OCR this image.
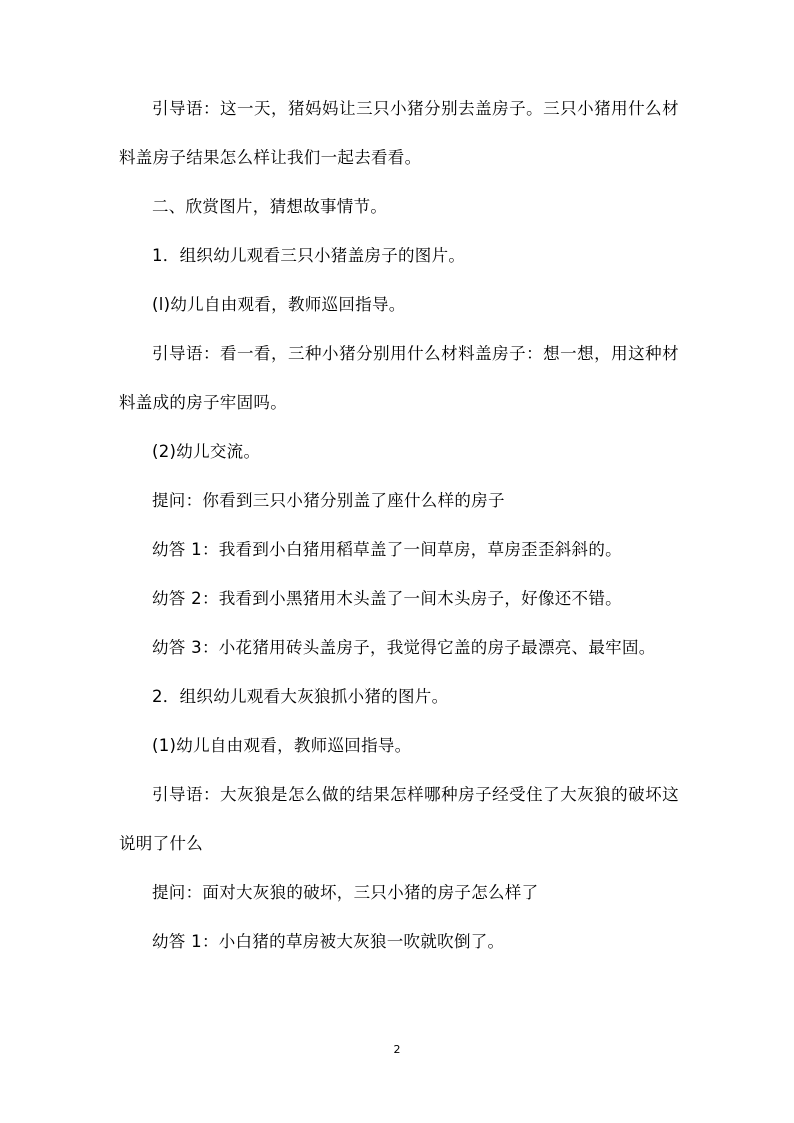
引导语：这一天，猪妈妈让三只小猪分别去盖房子。三只小猪用什么材料盖房子结果怎么样让我们一起去看看。

二、欣赏图片，猜想故事情节。

1．组织幼儿观看三只小猪盖房子的图片。

(l)幼儿自由观看，教师巡回指导。

引导语：看一看，三种小猪分别用什么材料盖房子：想一想，用这种材料盖成的房子牢固吗。

(2)幼儿交流。

提问：你看到三只小猪分别盖了座什么样的房子

幼答 1：我看到小白猪用稻草盖了一间草房，草房歪歪斜斜的。

幼答 2：我看到小黑猪用木头盖了一间木头房子，好像还不错。

幼答 3：小花猪用砖头盖房子，我觉得它盖的房子最漂亮、最牢固。

2．组织幼儿观看大灰狼抓小猪的图片。

(1)幼儿自由观看，教师巡回指导。

引导语：大灰狼是怎么做的结果怎样哪种房子经受住了大灰狼的破坏这说明了什么

提问：面对大灰狼的破坏，三只小猪的房子怎么样了

幼答 1：小白猪的草房被大灰狼一吹就吹倒了。

2
